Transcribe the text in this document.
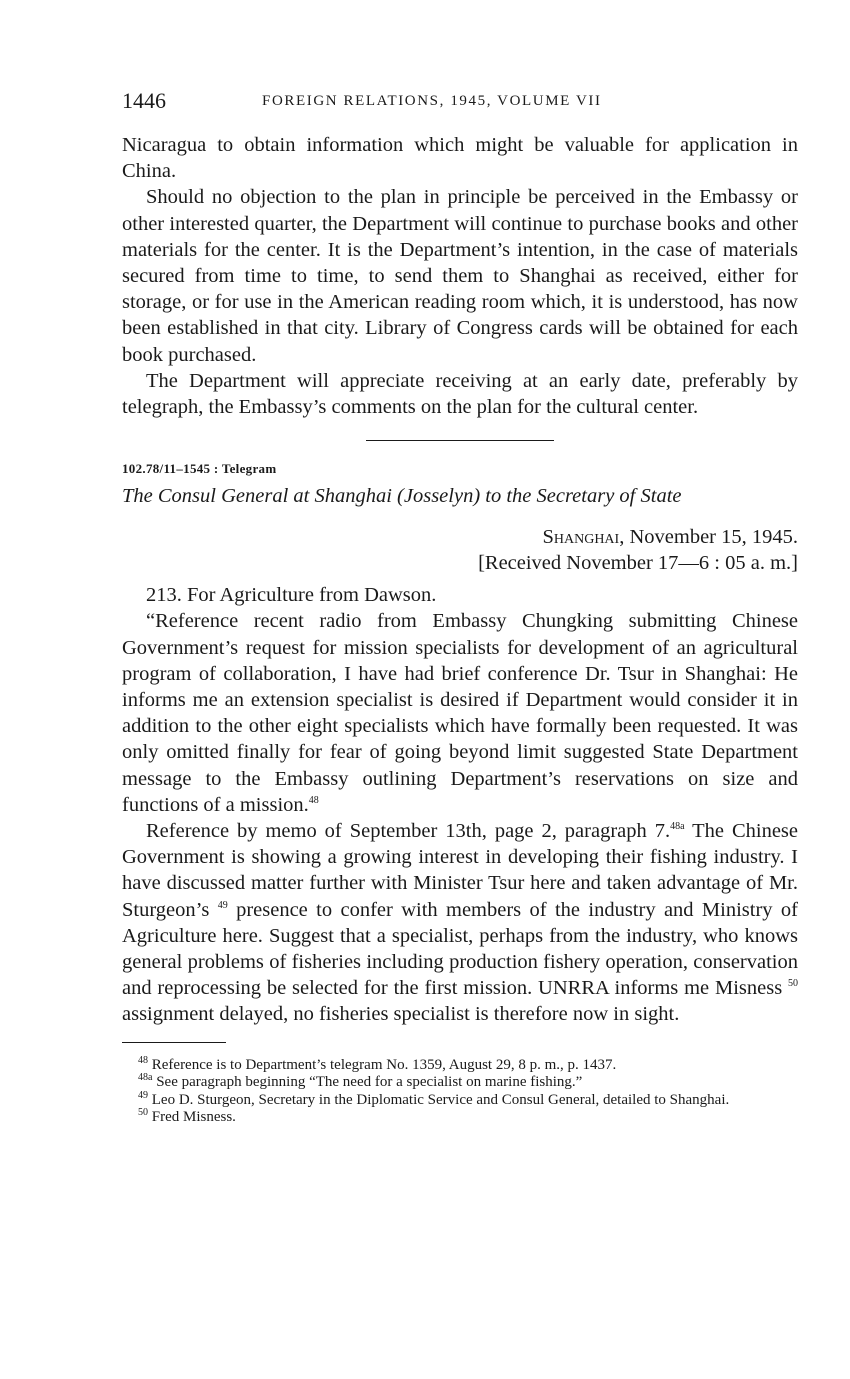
1446	FOREIGN RELATIONS, 1945, VOLUME VII

Nicaragua to obtain information which might be valuable for application in China.

Should no objection to the plan in principle be perceived in the Embassy or other interested quarter, the Department will continue to purchase books and other materials for the center. It is the Department’s intention, in the case of materials secured from time to time, to send them to Shanghai as received, either for storage, or for use in the American reading room which, it is understood, has now been established in that city. Library of Congress cards will be obtained for each book purchased.

The Department will appreciate receiving at an early date, preferably by telegraph, the Embassy’s comments on the plan for the cultural center.

102.78/11–1545 : Telegram
The Consul General at Shanghai (Josselyn) to the Secretary of State
Shanghai, November 15, 1945.
[Received November 17—6 : 05 a. m.]

213. For Agriculture from Dawson.

“Reference recent radio from Embassy Chungking submitting Chinese Government’s request for mission specialists for development of an agricultural program of collaboration, I have had brief conference Dr. Tsur in Shanghai: He informs me an extension specialist is desired if Department would consider it in addition to the other eight specialists which have formally been requested. It was only omitted finally for fear of going beyond limit suggested State Department message to the Embassy outlining Department’s reservations on size and functions of a mission.$^{48}$

Reference by memo of September 13th, page 2, paragraph 7.$^{48a}$ The Chinese Government is showing a growing interest in developing their fishing industry. I have discussed matter further with Minister Tsur here and taken advantage of Mr. Sturgeon’s $^{49}$ presence to confer with members of the industry and Ministry of Agriculture here. Suggest that a specialist, perhaps from the industry, who knows general problems of fisheries including production fishery operation, conservation and reprocessing be selected for the first mission. UNRRA informs me Misness $^{50}$ assignment delayed, no fisheries specialist is therefore now in sight.

$^{48}$ Reference is to Department’s telegram No. 1359, August 29, 8 p. m., p. 1437.

$^{48a}$ See paragraph beginning “The need for a specialist on marine fishing.”

$^{49}$ Leo D. Sturgeon, Secretary in the Diplomatic Service and Consul General, detailed to Shanghai.

$^{50}$ Fred Misness.
